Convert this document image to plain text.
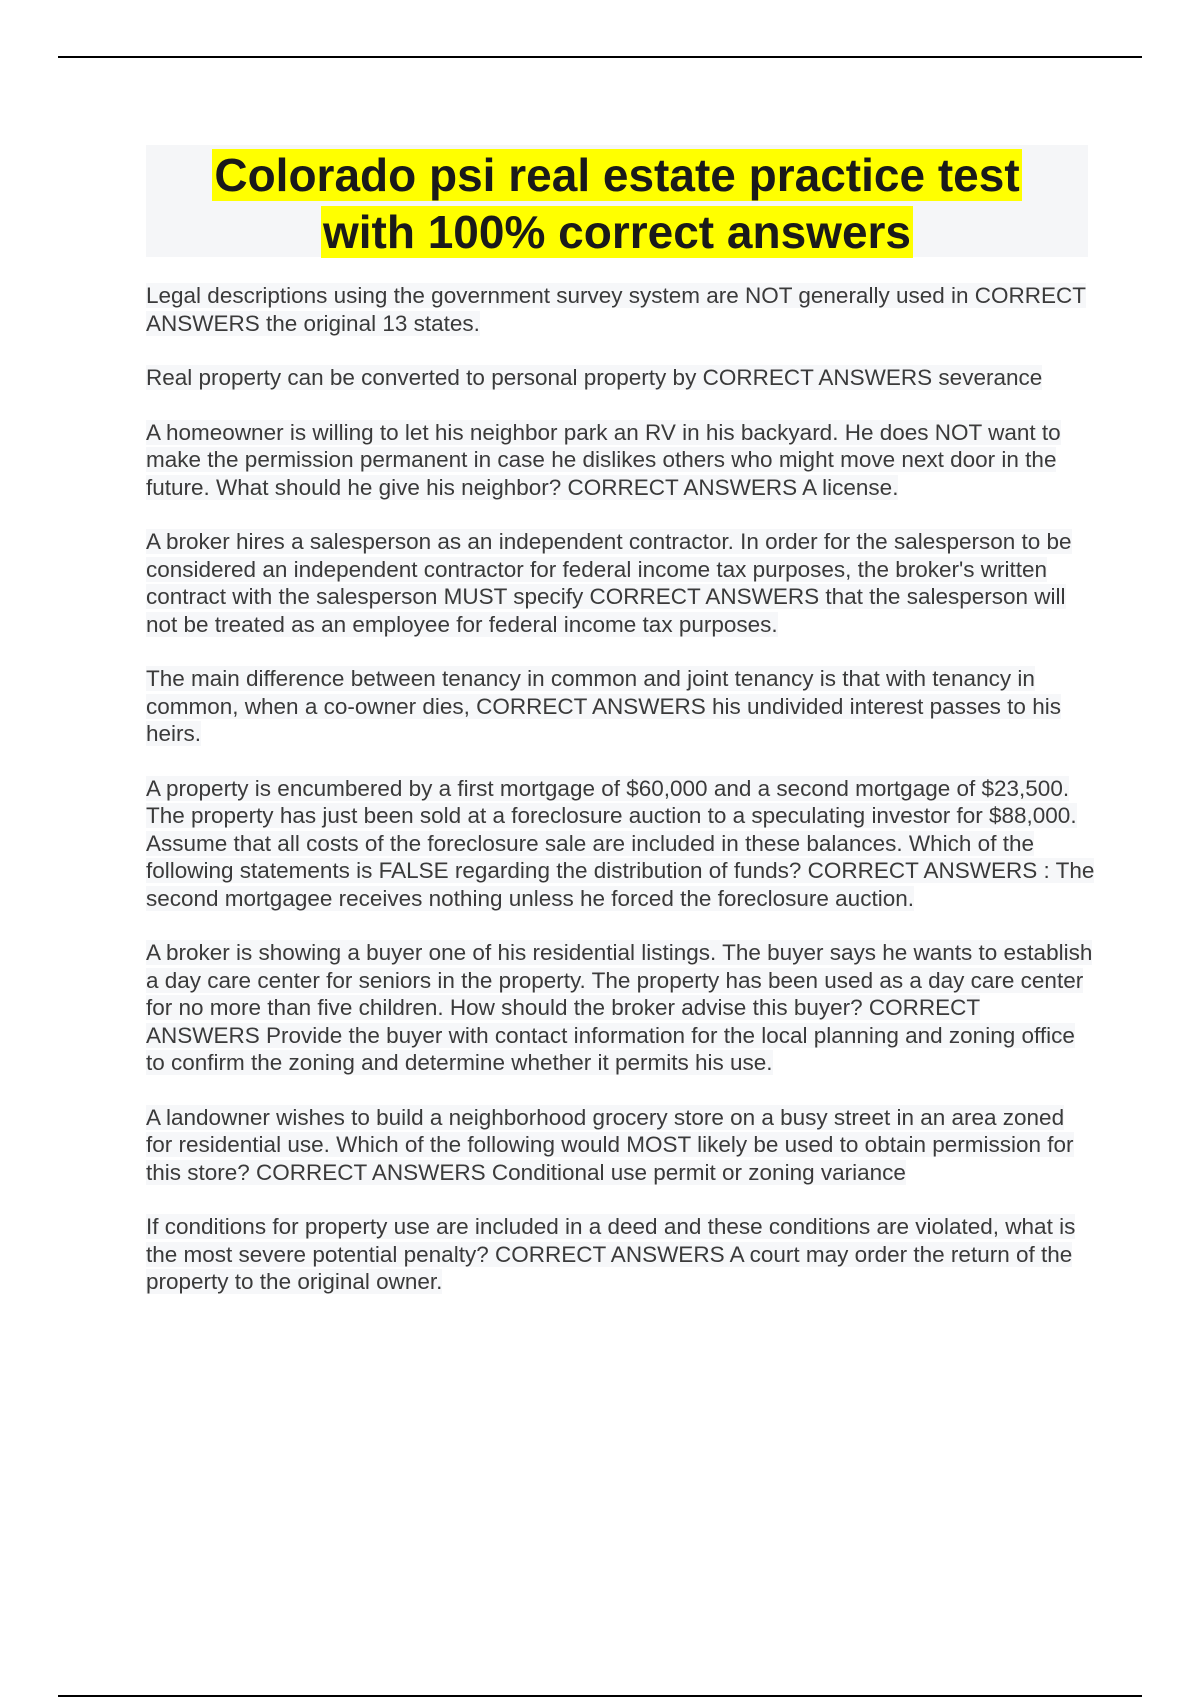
Colorado psi real estate practice test
with 100% correct answers

Legal descriptions using the government survey system are NOT generally used in CORRECT ANSWERS the original 13 states.

Real property can be converted to personal property by CORRECT ANSWERS severance

A homeowner is willing to let his neighbor park an RV in his backyard. He does NOT want to make the permission permanent in case he dislikes others who might move next door in the future. What should he give his neighbor? CORRECT ANSWERS A license.

A broker hires a salesperson as an independent contractor. In order for the salesperson to be considered an independent contractor for federal income tax purposes, the broker's written contract with the salesperson MUST specify CORRECT ANSWERS that the salesperson will not be treated as an employee for federal income tax purposes.

The main difference between tenancy in common and joint tenancy is that with tenancy in common, when a co-owner dies, CORRECT ANSWERS his undivided interest passes to his heirs.

A property is encumbered by a first mortgage of $60,000 and a second mortgage of $23,500. The property has just been sold at a foreclosure auction to a speculating investor for $88,000. Assume that all costs of the foreclosure sale are included in these balances. Which of the following statements is FALSE regarding the distribution of funds? CORRECT ANSWERS : The second mortgagee receives nothing unless he forced the foreclosure auction.

A broker is showing a buyer one of his residential listings. The buyer says he wants to establish a day care center for seniors in the property. The property has been used as a day care center for no more than five children. How should the broker advise this buyer? CORRECT ANSWERS Provide the buyer with contact information for the local planning and zoning office to confirm the zoning and determine whether it permits his use.

A landowner wishes to build a neighborhood grocery store on a busy street in an area zoned for residential use. Which of the following would MOST likely be used to obtain permission for this store? CORRECT ANSWERS Conditional use permit or zoning variance

If conditions for property use are included in a deed and these conditions are violated, what is the most severe potential penalty? CORRECT ANSWERS A court may order the return of the property to the original owner.
